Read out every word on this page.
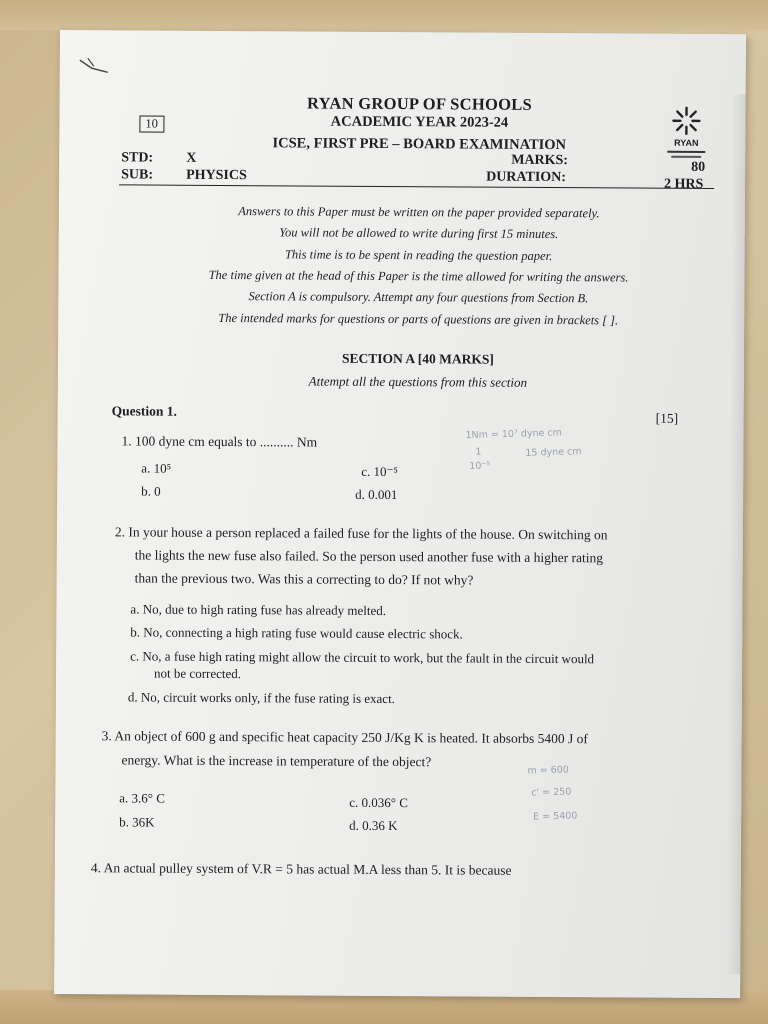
RYAN GROUP OF SCHOOLS
ACADEMIC YEAR 2023-24
ICSE, FIRST PRE – BOARD EXAMINATION
10
RYAN
STD: X	MARKS:	80
SUB: PHYSICS	DURATION:	2 HRS
Answers to this Paper must be written on the paper provided separately.
You will not be allowed to write during first 15 minutes.
This time is to be spent in reading the question paper.
The time given at the head of this Paper is the time allowed for writing the answers.
Section A is compulsory. Attempt any four questions from Section B.
The intended marks for questions or parts of questions are given in brackets [ ].
SECTION A [40 MARKS]
Attempt all the questions from this section
Question 1.	[15]
1. 100 dyne cm equals to .......... Nm
a. 10⁵	c. 10⁻⁵
b. 0	d. 0.001
1Nm = 10⁷ dyne cm
1
10⁻⁵
15 dyne cm
2. In your house a person replaced a failed fuse for the lights of the house. On switching on
the lights the new fuse also failed. So the person used another fuse with a higher rating
than the previous two. Was this a correcting to do? If not why?
a. No, due to high rating fuse has already melted.
b. No, connecting a high rating fuse would cause electric shock.
c. No, a fuse high rating might allow the circuit to work, but the fault in the circuit would
not be corrected.
d. No, circuit works only, if the fuse rating is exact.
3. An object of 600 g and specific heat capacity 250 J/Kg K is heated. It absorbs 5400 J of
energy. What is the increase in temperature of the object?
a. 3.6° C	c. 0.036° C
b. 36K	d. 0.36 K
m = 600
c' = 250
E = 5400
4. An actual pulley system of V.R = 5 has actual M.A less than 5. It is because
